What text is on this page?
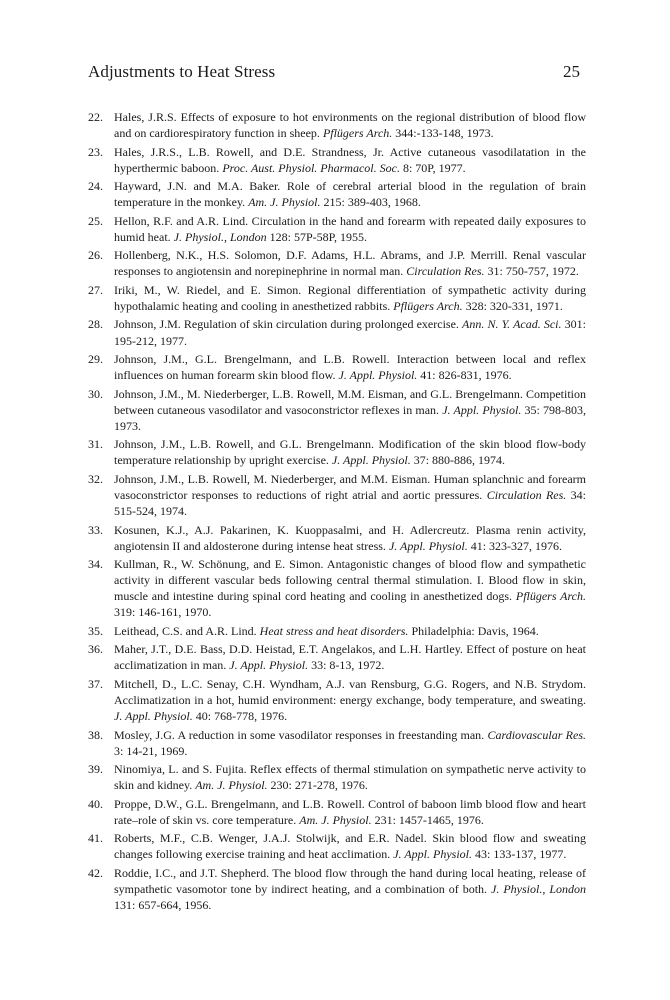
Adjustments to Heat Stress	25
22. Hales, J.R.S. Effects of exposure to hot environments on the regional distribution of blood flow and on cardiorespiratory function in sheep. Pflügers Arch. 344:-133-148, 1973.
23. Hales, J.R.S., L.B. Rowell, and D.E. Strandness, Jr. Active cutaneous vasodilatation in the hyperthermic baboon. Proc. Aust. Physiol. Pharmacol. Soc. 8: 70P, 1977.
24. Hayward, J.N. and M.A. Baker. Role of cerebral arterial blood in the regulation of brain temperature in the monkey. Am. J. Physiol. 215: 389-403, 1968.
25. Hellon, R.F. and A.R. Lind. Circulation in the hand and forearm with repeated daily exposures to humid heat. J. Physiol., London 128: 57P-58P, 1955.
26. Hollenberg, N.K., H.S. Solomon, D.F. Adams, H.L. Abrams, and J.P. Merrill. Renal vascular responses to angiotensin and norepinephrine in normal man. Circulation Res. 31: 750-757, 1972.
27. Iriki, M., W. Riedel, and E. Simon. Regional differentiation of sympathetic activity during hypothalamic heating and cooling in anesthetized rabbits. Pflügers Arch. 328: 320-331, 1971.
28. Johnson, J.M. Regulation of skin circulation during prolonged exercise. Ann. N. Y. Acad. Sci. 301: 195-212, 1977.
29. Johnson, J.M., G.L. Brengelmann, and L.B. Rowell. Interaction between local and reflex influences on human forearm skin blood flow. J. Appl. Physiol. 41: 826-831, 1976.
30. Johnson, J.M., M. Niederberger, L.B. Rowell, M.M. Eisman, and G.L. Brengelmann. Competition between cutaneous vasodilator and vasoconstrictor reflexes in man. J. Appl. Physiol. 35: 798-803, 1973.
31. Johnson, J.M., L.B. Rowell, and G.L. Brengelmann. Modification of the skin blood flow-body temperature relationship by upright exercise. J. Appl. Physiol. 37: 880-886, 1974.
32. Johnson, J.M., L.B. Rowell, M. Niederberger, and M.M. Eisman. Human splanchnic and forearm vasoconstrictor responses to reductions of right atrial and aortic pressures. Circulation Res. 34: 515-524, 1974.
33. Kosunen, K.J., A.J. Pakarinen, K. Kuoppasalmi, and H. Adlercreutz. Plasma renin activity, angiotensin II and aldosterone during intense heat stress. J. Appl. Physiol. 41: 323-327, 1976.
34. Kullman, R., W. Schönung, and E. Simon. Antagonistic changes of blood flow and sympathetic activity in different vascular beds following central thermal stimulation. I. Blood flow in skin, muscle and intestine during spinal cord heating and cooling in anesthetized dogs. Pflügers Arch. 319: 146-161, 1970.
35. Leithead, C.S. and A.R. Lind. Heat stress and heat disorders. Philadelphia: Davis, 1964.
36. Maher, J.T., D.E. Bass, D.D. Heistad, E.T. Angelakos, and L.H. Hartley. Effect of posture on heat acclimatization in man. J. Appl. Physiol. 33: 8-13, 1972.
37. Mitchell, D., L.C. Senay, C.H. Wyndham, A.J. van Rensburg, G.G. Rogers, and N.B. Strydom. Acclimatization in a hot, humid environment: energy exchange, body temperature, and sweating. J. Appl. Physiol. 40: 768-778, 1976.
38. Mosley, J.G. A reduction in some vasodilator responses in freestanding man. Cardiovascular Res. 3: 14-21, 1969.
39. Ninomiya, L. and S. Fujita. Reflex effects of thermal stimulation on sympathetic nerve activity to skin and kidney. Am. J. Physiol. 230: 271-278, 1976.
40. Proppe, D.W., G.L. Brengelmann, and L.B. Rowell. Control of baboon limb blood flow and heart rate–role of skin vs. core temperature. Am. J. Physiol. 231: 1457-1465, 1976.
41. Roberts, M.F., C.B. Wenger, J.A.J. Stolwijk, and E.R. Nadel. Skin blood flow and sweating changes following exercise training and heat acclimation. J. Appl. Physiol. 43: 133-137, 1977.
42. Roddie, I.C., and J.T. Shepherd. The blood flow through the hand during local heating, release of sympathetic vasomotor tone by indirect heating, and a combination of both. J. Physiol., London 131: 657-664, 1956.
